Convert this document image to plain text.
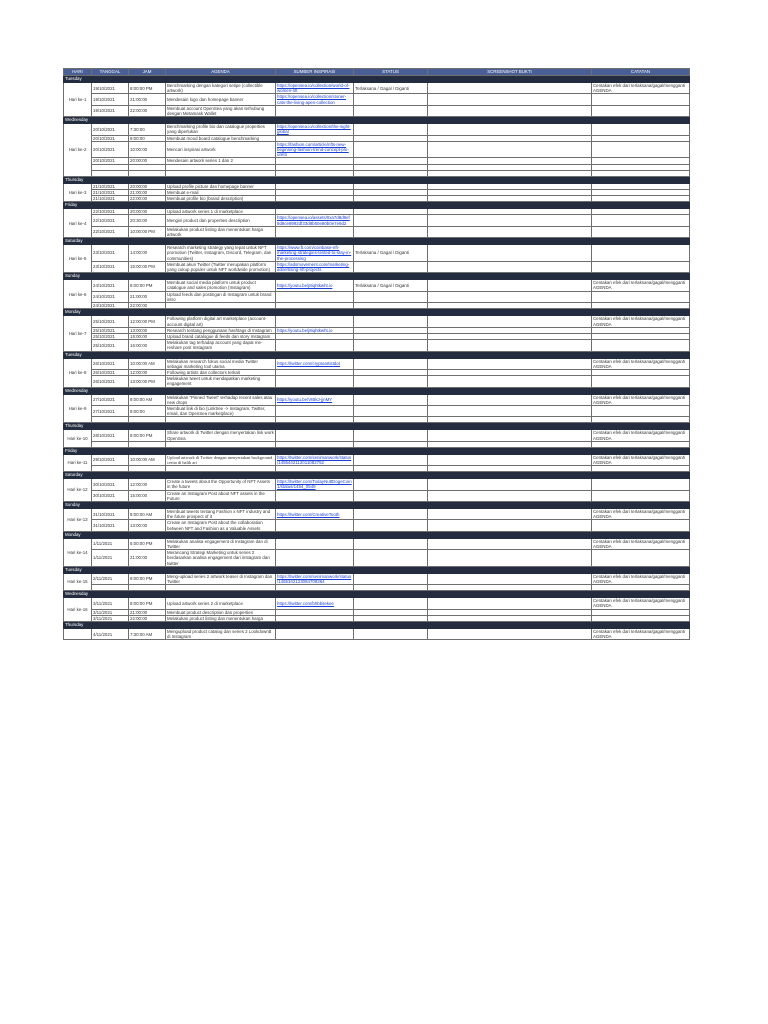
HARI	TANGGAL	JAM	AGENDA	SUMBER INSPIRASI	STATUS	SCREENSHOT BUKTI	CATATAN
Tuesday							
Hari ke-1	19/10/2021	8:00:00 PM	Benchmarking dengan kategori setipe (collectible artwork)	https://opensea.io/collection/world-of-women-nft	Terlaksana / Gagal / Diganti		Centakan efek dari terlaksana/gagal/mengganti AGENDA
	19/10/2021	21:00:00	Mendesain logo dan homepage banner	https://opensea.io/collection/stoner-cats-the-living-apes-collection			
	19/10/2021	22:00:00	Membuat account OpenSea yang akan terhubung dengan Metamask Wallet				
Wednesday							
Hari ke-2	20/10/2021	7:30:00	Benchmarking profile bio dan catalogue properties yang diperlukan	https://opensea.io/collection/the-sight-global			
	20/10/2021	9:00:00	Membuat mood board catalogue benchmarking				
	20/10/2021	10:00:00	Mencari inspirasi artwork	https://fashion.com/article/nfts-new-beginning-fashion-trend-concept-plo-uretri			
	20/10/2021	20:00:00	Mendesain artwork series 1 dan 2				

Thursday							
Hari ke-3	21/10/2021	20:00:00	Upload profile picture dan homepage banner				
	21/10/2021	21:00:00	Membuat e-mail				
	21/10/2021	22:00:00	Membuat profile bio (brand description)				
Friday							
Hari ke-4	22/10/2021	20:00:00	Upload artwork series 1 di marketplace				
	22/10/2021	20:30:00	Mengisi product dan properties description	https://opensea.io/assets/0xa7d8d9ef8d8ce8992df33d8b50e80b0e7e9d2			
	22/10/2021	10:00:00 PM	Melakukan product listing dan menentukan harga artwork				
Saturday							
Hari ke-5	23/10/2021	14:00:00	Research marketing strategy yang tepat untuk NFT promotion (Twitter, Instagram, Discord, Telegram, dan communities)	https://www.ft.com/coinbase-nft-marketing-strategies-tested-to-stay-in-the-processing	Terlaksana / Gagal / Diganti		
	23/10/2021	15:00:00 PM	Membuat akun Twitter (Twitter merupakan platform yang cukup populer untuk NFT worldwide promotion)	https://adsmovement.com/marketing-advertising-nft-projects			
Sunday							
Hari ke-6	24/10/2021	8:00:00 PM	Membuat social media platform untuk product catalogue and sales promotion (Instagram)	https://youtu.be/j8iqhtkwht.io	Terlaksana / Gagal / Diganti		Centakan efek dari terlaksana/gagal/mengganti AGENDA
	24/10/2021	21:00:00	Upload feeds dan postingan di Instagram untuk brand intro				
	24/10/2021	22:00:00					
Monday							
Hari ke-7	25/10/2021	12:00:00 PM	Following platform digital art marketplace (account-account digital art)				Centakan efek dari terlaksana/gagal/mengganti AGENDA
	25/10/2021	13:00:00	Research tentang penggunaan hashtags di Instagram	https://youtu.be/j8iqhtkwht.io			
	25/10/2021	15:00:00	Upload brand catalogue di feeds dan story Instagram				
	25/10/2021	16:00:00	Melakukan tag terhadap account yang dapat me-reshare post Instagram				
Tuesday							
Hari ke-8	26/10/2021	10:00:00 AM	Melakukan research fokus social media Twitter sebagai marketing tool utama	https://twitter.com/cryptoartistdot			Centakan efek dari terlaksana/gagal/mengganti AGENDA
	26/10/2021	12:00:00	Following artists dan collectors terkait				
	26/10/2021	13:00:00 PM	Melakukan tweet untuk mendapatkan marketing engagement				
Wednesday							
Hari ke-9	27/10/2021	8:00:00 AM	Melakukan "Pinned Tweet" terhadap recent sales atau new drops	https://youtu.be/VIBkJ-jjnMY			Centakan efek dari terlaksana/gagal/mengganti AGENDA
	27/10/2021	9:00:00	Membuat link di bio (Linktree -> Instagram, Twitter, email, dan OpenSea marketplace)				

Thursday							
Hari ke-10	28/10/2021	8:00:00 PM	Share artwork di Twitter dengan menyertakan link work OpenSea				Centakan efek dari terlaksana/gagal/mengganti AGENDA

Friday							
Hari ke-11	29/10/2021	10:00:00 AM	Upload artwork di Twitter dengan menyertakan background cerita di balik art	https://twitter.com/senimanwork/status/1455442112011082752			Centakan efek dari terlaksana/gagal/mengganti AGENDA

Saturday							
Hari ke-12	30/10/2021	12:00:00	Create a tweets about the Opportunity of NFT Assets in the future	https://twitter.com/TodayNuttDogeCoin1/status/1454_0549			
	30/10/2021	15:00:00	Create an Instagram Post about NFT assets in the Future				
Sunday							
Hari ke-13	31/10/2021	8:00:00 AM	Membuat tweets tentang Fashion x NFT industry and the future prospect of it	https://twitter.com/CreativeTooth			Centakan efek dari terlaksana/gagal/mengganti AGENDA
	31/10/2021	13:00:00	Create an Instagram Post about the collaboration between NFT and Fashion as a Valuable Assets				
Monday							
Hari ke-14	1/11/2021	5:00:00 PM	Melakukan analisa engagement di Instagram dan di Twitter				Centakan efek dari terlaksana/gagal/mengganti AGENDA
	1/11/2021	21:00:00	Merancang Strategi Marketing untuk series 2 berdasarkan analisa engagement dari instagram dan twitter				
Tuesday							
Hari ke-15	2/11/2021	8:00:00 PM	Meng-upload series 2 artwork teaser di Instagram dan Twitter	https://twitter.com/senimanwork/status/1455342123084708364			Centakan efek dari terlaksana/gagal/mengganti AGENDA

Wednesday							
Hari ke-16	3/11/2021	8:00:00 PM	Upload artwork series 2 di marketplace	https://twitter.com/bhbbitekee			Centakan efek dari terlaksana/gagal/mengganti AGENDA
	3/11/2021	21:00:00	Membuat product description dan properties				
	3/11/2021	22:00:00	Melakukan product listing dan menentukan harga				
Thursday							
	4/11/2021	7:30:00 AM	Mengupload product catalog dan series 2 Lookdown$ di Instagram				Centakan efek dari terlaksana/gagal/mengganti AGENDA
